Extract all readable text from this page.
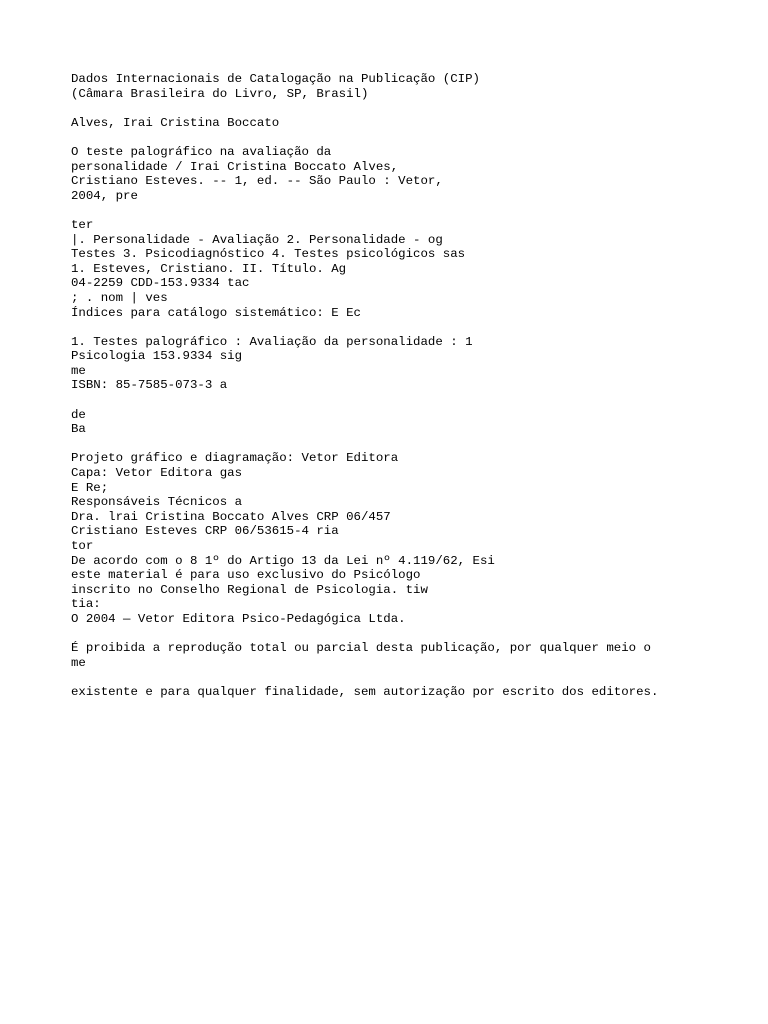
Dados Internacionais de Catalogação na Publicação (CIP)
(Câmara Brasileira do Livro, SP, Brasil)
Alves, Irai Cristina Boccato
O teste palográfico na avaliação da
personalidade / Irai Cristina Boccato Alves,
Cristiano Esteves. -- 1, ed. -- São Paulo : Vetor,
2004, pre
ter
|. Personalidade - Avaliação 2. Personalidade - og
Testes 3. Psicodiagnóstico 4. Testes psicológicos sas
1. Esteves, Cristiano. II. Título. Ag
04-2259 CDD-153.9334 tac
; . nom | ves
Índices para catálogo sistemático: E Ec
1. Testes palográfico : Avaliação da personalidade : 1
Psicologia 153.9334 sig
me
ISBN: 85-7585-073-3 a
de
Ba
Projeto gráfico e diagramação: Vetor Editora
Capa: Vetor Editora gas
E Re;
Responsáveis Técnicos a
Dra. lrai Cristina Boccato Alves CRP 06/457
Cristiano Esteves CRP 06/53615-4 ria
tor
De acordo com o 8 1º do Artigo 13 da Lei nº 4.119/62, Esi
este material é para uso exclusivo do Psicólogo
inscrito no Conselho Regional de Psicologia. tiw
tia:
O 2004 — Vetor Editora Psico-Pedagógica Ltda.
É proibida a reprodução total ou parcial desta publicação, por qualquer meio o
me
existente e para qualquer finalidade, sem autorização por escrito dos editores.
